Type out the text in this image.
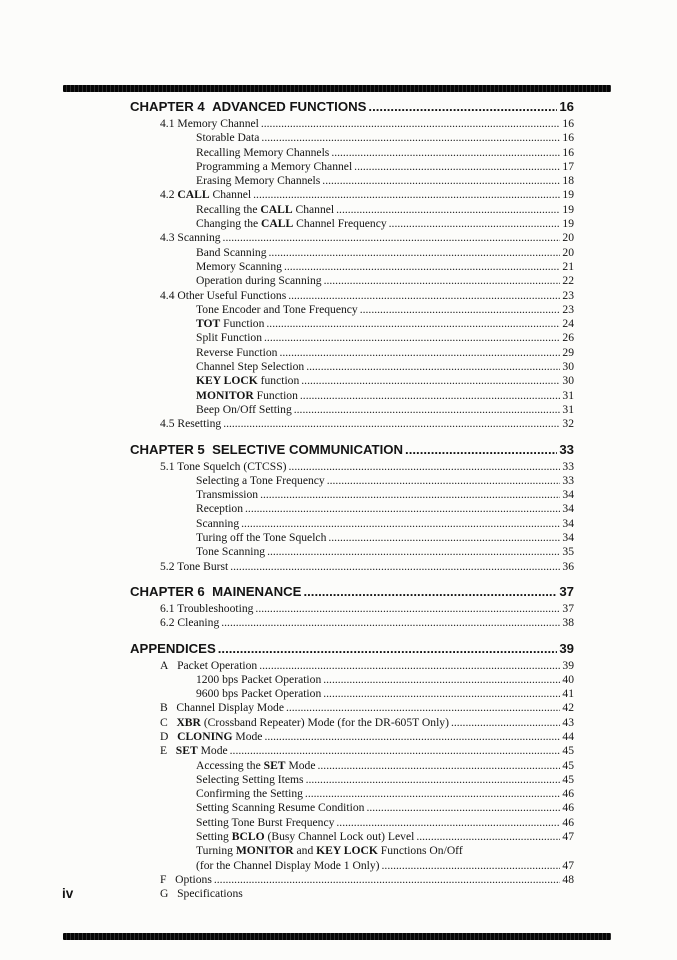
CHAPTER 4  ADVANCED FUNCTIONS .....	16
4.1 Memory Channel .....	16
Storable Data .....	16
Recalling Memory Channels .....	16
Programming a Memory Channel .....	17
Erasing Memory Channels .....	18
4.2 CALL Channel .....	19
Recalling the CALL Channel .....	19
Changing the CALL Channel Frequency .....	19
4.3 Scanning .....	20
Band Scanning .....	20
Memory Scanning .....	21
Operation during Scanning .....	22
4.4 Other Useful Functions .....	23
Tone Encoder and Tone Frequency .....	23
TOT Function .....	24
Split Function .....	26
Reverse Function .....	29
Channel Step Selection .....	30
KEY LOCK function .....	30
MONITOR Function .....	31
Beep On/Off Setting .....	31
4.5 Resetting .....	32
CHAPTER 5  SELECTIVE COMMUNICATION .....	33
5.1 Tone Squelch (CTCSS) .....	33
Selecting a Tone Frequency .....	33
Transmission .....	34
Reception .....	34
Scanning .....	34
Turing off the Tone Squelch .....	34
Tone Scanning .....	35
5.2 Tone Burst .....	36
CHAPTER 6  MAINENANCE .....	37
6.1 Troubleshooting .....	37
6.2 Cleaning .....	38
APPENDICES .....	39
A   Packet Operation .....	39
1200 bps Packet Operation .....	40
9600 bps Packet Operation .....	41
B   Channel Display Mode .....	42
C   XBR (Crossband Repeater) Mode (for the DR-605T Only) .....	43
D   CLONING Mode .....	44
E   SET Mode .....	45
Accessing the SET Mode .....	45
Selecting Setting Items .....	45
Confirming the Setting .....	46
Setting Scanning Resume Condition .....	46
Setting Tone Burst Frequency .....	46
Setting BCLO (Busy Channel Lock out) Level .....	47
Turning MONITOR and KEY LOCK Functions On/Off
(for the Channel Display Mode 1 Only) .....	47
F   Options .....	48
G   Specifications
iv
